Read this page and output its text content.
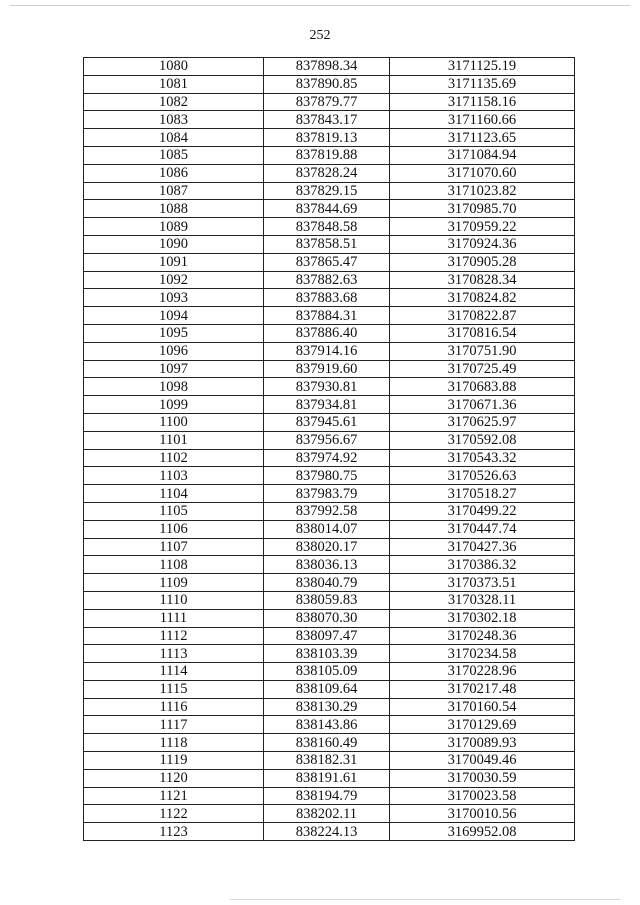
252
1080	837898.34	3171125.19
1081	837890.85	3171135.69
1082	837879.77	3171158.16
1083	837843.17	3171160.66
1084	837819.13	3171123.65
1085	837819.88	3171084.94
1086	837828.24	3171070.60
1087	837829.15	3171023.82
1088	837844.69	3170985.70
1089	837848.58	3170959.22
1090	837858.51	3170924.36
1091	837865.47	3170905.28
1092	837882.63	3170828.34
1093	837883.68	3170824.82
1094	837884.31	3170822.87
1095	837886.40	3170816.54
1096	837914.16	3170751.90
1097	837919.60	3170725.49
1098	837930.81	3170683.88
1099	837934.81	3170671.36
1100	837945.61	3170625.97
1101	837956.67	3170592.08
1102	837974.92	3170543.32
1103	837980.75	3170526.63
1104	837983.79	3170518.27
1105	837992.58	3170499.22
1106	838014.07	3170447.74
1107	838020.17	3170427.36
1108	838036.13	3170386.32
1109	838040.79	3170373.51
1110	838059.83	3170328.11
1111	838070.30	3170302.18
1112	838097.47	3170248.36
1113	838103.39	3170234.58
1114	838105.09	3170228.96
1115	838109.64	3170217.48
1116	838130.29	3170160.54
1117	838143.86	3170129.69
1118	838160.49	3170089.93
1119	838182.31	3170049.46
1120	838191.61	3170030.59
1121	838194.79	3170023.58
1122	838202.11	3170010.56
1123	838224.13	3169952.08
